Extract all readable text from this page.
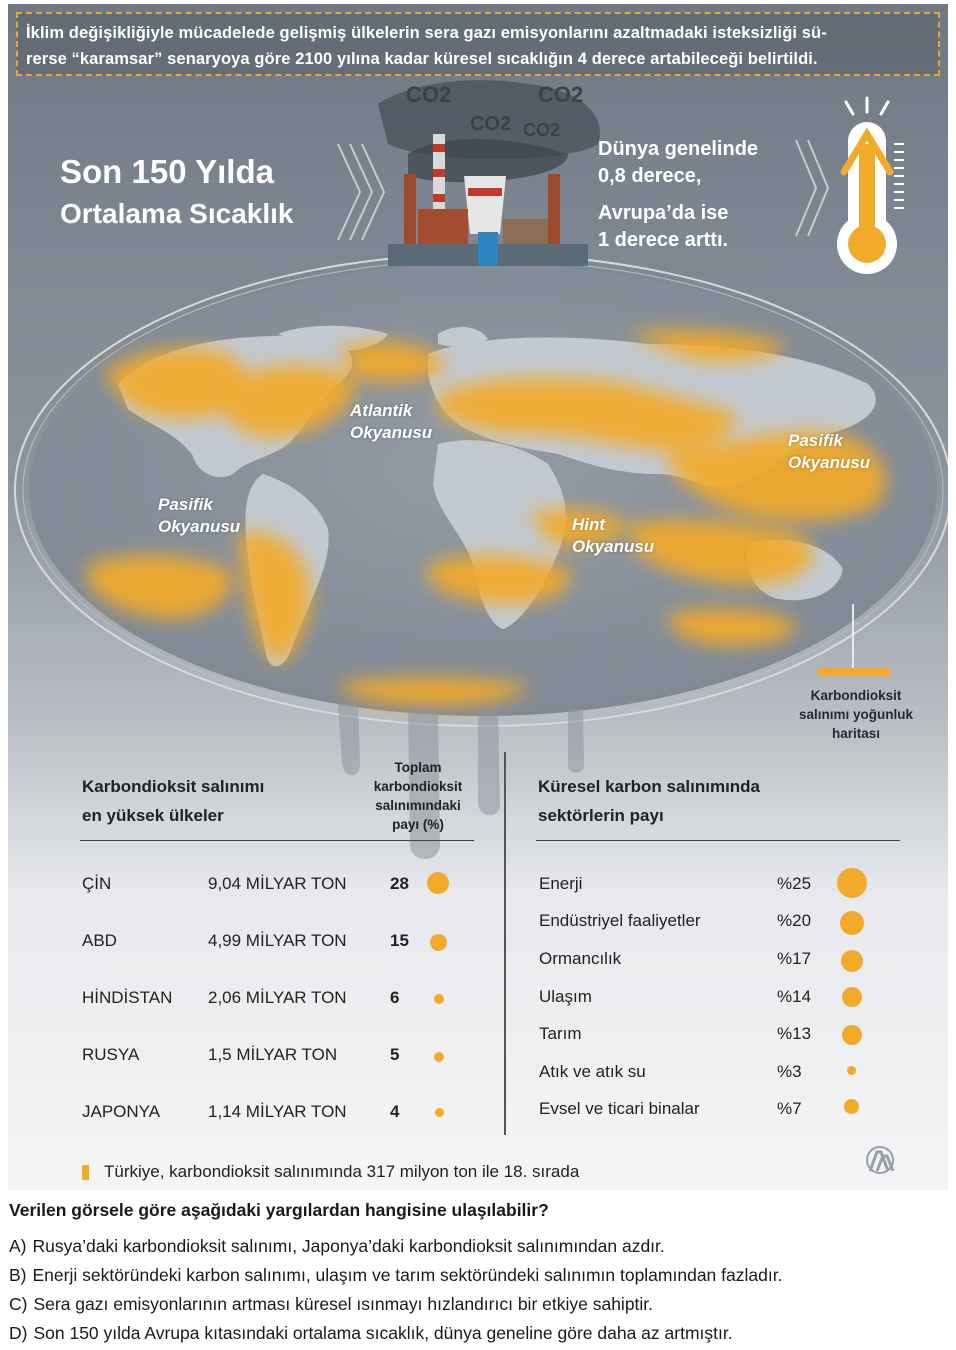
CO2	CO2
CO2 CO2
İklim değişikliğiyle mücadelede gelişmiş ülkelerin sera gazı emisyonlarını azaltmadaki isteksizliği sü-
rerse “karamsar” senaryoya göre 2100 yılına kadar küresel sıcaklığın 4 derece artabileceği belirtildi.
Son 150 Yılda
Ortalama Sıcaklık
Dünya genelinde
0,8 derece,
Avrupa’da ise
1 derece arttı.
Atlantik
Okyanusu	Pasifik
Okyanusu
Pasifik
Okyanusu	Hint
Okyanusu
Karbondioksit
salınımı yoğunluk
haritası
Karbondioksit salınımı
en yüksek ülkeler
Toplam
karbondioksit
salınımındaki
payı (%)
ÇİN	9,04 MİLYAR TON	28
ABD	4,99 MİLYAR TON	15
HİNDİSTAN 2,06 MİLYAR TON	6
RUSYA	1,5 MİLYAR TON	5
JAPONYA	1,14 MİLYAR TON	4
Küresel karbon salınımında
sektörlerin payı
Enerji	%25
Endüstriyel faaliyetler	%20
Ormancılık	%17
Ulaşım	%14
Tarım	%13
Atık ve atık su	%3
Evsel ve ticari binalar	%7
Türkiye, karbondioksit salınımında 317 milyon ton ile 18. sırada
Verilen görsele göre aşağıdaki yargılardan hangisine ulaşılabilir?
A) Rusya’daki karbondioksit salınımı, Japonya’daki karbondioksit salınımından azdır.
B) Enerji sektöründeki karbon salınımı, ulaşım ve tarım sektöründeki salınımın toplamından fazladır.
C) Sera gazı emisyonlarının artması küresel ısınmayı hızlandırıcı bir etkiye sahiptir.
D) Son 150 yılda Avrupa kıtasındaki ortalama sıcaklık, dünya geneline göre daha az artmıştır.
